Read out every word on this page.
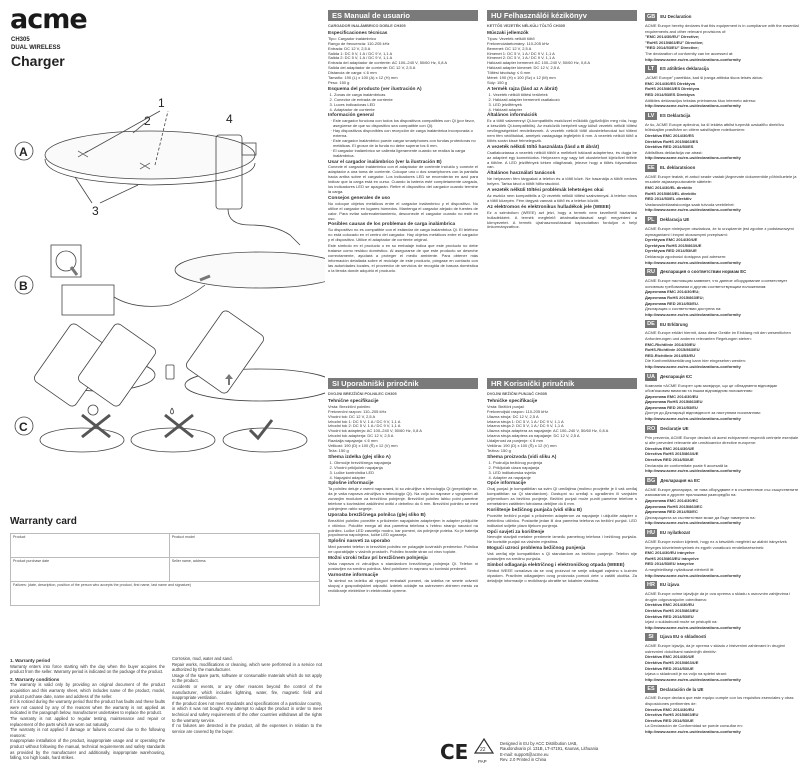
acme
CH305
DUAL WIRELESS
Charger
A
1
2
3
4
B
C
Warranty card
Product	Product model
Product purchase date	Seller name, address
Failures: (date, description, position of the person who accepts the product, first name, last name and signature)	
1. Warranty period

Warranty enters into force starting with the day when the buyer acquires the product from the seller. Warranty period is indicated on the package of the product.

2. Warranty conditions

The warranty is valid only by providing an original document of the product acquisition and this warranty sheet, which includes name of the product, model, product purchase date, name and address of the seller.

If it is noticed during the warranty period that the product has faults and these faults were not caused by any of the reasons when the warranty is not applied as indicated in the paragraph below, manufacturer undertakes to replace the product.

The warranty is not applied to regular testing, maintenance and repair or replacement of the parts which are worn out naturally.

The warranty is not applied if damage or failures occurred due to the following reasons:

Inappropriate installation of the product, inappropriate usage and or operating the product without following the manual, technical requirements and safety standards as provided by the manufacturer and additionally, inappropriate warehousing, falling, too high loads, hard strikes.

Corrosion, mud, water and sand.

Repair works, modifications or cleaning, which were performed in a service not authorized by the manufacturer.

Usage of the spare parts, software or consumable materials which do not apply to the product.

Accidents or events, or any other reasons beyond the control of the manufacturer, which includes lightning, water, fire, magnetic field and inappropriate ventilation.

If the product does not meet standards and specifications of a particular country, in which it was not bought. Any attempt to adapt the product in order to meet technical and safety requirements of the other countries withdraws all the rights to the warranty service.

If no failures are detected in the product, all the expenses in relation to the service are covered by the buyer.

ES Manual de usuario
CARGADOR INALÁMBRICO DOBLE CH305
Especificaciones técnicas
Tipo: Cargador inalámbrico
Rango de frecuencia: 110-205 kHz
Entrada: DC 12 V, 2,5 A
Salida 1: DC 5 V, 1 A / DC 9 V, 1,1 A
Salida 2: DC 5 V, 1 A / DC 9 V, 1,1 A
Entrada del adaptador de corriente: AC 100–240 V, 50/60 Hz, 0,8 A
Salida del adaptador de corriente: DC 12 V, 2,5 A
Distancia de carga: ≤ 6 mm
Tamaño: 190 (L) x 100 (A) x 12 (H) mm
Peso: 150 g
Esquema del producto (ver ilustración A)
1. Zonas de carga inalámbricas
2. Conector de entrada de corriente
3. Luces indicadoras LED
4. Adaptador de corriente
Información general
· Este cargador funciona con todos los dispositivos compatibles con Qi (por favor, asegúrese de que su dispositivo sea compatible con Qi).
· Hay dispositivos disponibles con recepción de carga inalámbrica incorporada o externa.
· Este cargador inalámbrico puede cargar smartphones con fundas protectoras no metálicas. El grosor de la funda no debe superar los 6 mm.
· El cargador inalámbrico se calienta ligeramente cuando se realiza la carga inalámbrica.
Usar el cargador inalámbrico (ver la ilustración B)

Conecte el cargador inalámbrico con el adaptador de corriente incluido y conecte el adaptador a una toma de corriente. Coloque uno o dos smartphones con la pantalla hacia arriba sobre el cargador. Los indicadores LED se encenderán en azul para indicar que la carga está en curso. Cuando la batería esté completamente cargada, los indicadores LED se apagarán. Retire el dispositivo del cargador cuando termine la carga.

Consejos generales de uso

No coloque objetos metálicos entre el cargador inalámbrico y el dispositivo. No utilice el cargador en lugares húmedos. Mantenga el cargador alejado de fuentes de calor. Para evitar sobrecalentamiento, desconecte el cargador cuando no esté en uso.

Posibles causas de los problemas de carga inalámbrica

Su dispositivo no es compatible con el estándar de carga inalámbrica Qi. El teléfono no está colocado en el centro del cargador. Hay objetos metálicos entre el cargador y el dispositivo. Utilice el adaptador de corriente original.

Este símbolo en el producto o en su embalaje indica que este producto no debe tratarse como residuo doméstico. Al asegurarse de que este producto se deseche correctamente, ayudará a proteger el medio ambiente. Para obtener más información detallada sobre el reciclaje de este producto, póngase en contacto con las autoridades locales, el proveedor de servicios de recogida de basura doméstica o la tienda donde adquirió el producto.

SI Uporabniški priročnik
DVOJNI BREZŽIČNI POLNILEC CH305
Tehnične specifikacije
Vrsta: Brezžični polnilec
Frekvenčni razpon: 110–205 kHz
Vhodni tok: DC 12 V, 2,5 A
Izhodni tok 1: DC 5 V, 1 A / DC 9 V, 1,1 A
Izhodni tok 2: DC 5 V, 1 A / DC 9 V, 1,1 A
Vhodni tok adapterja: AC 100–240 V, 50/60 Hz, 0,8 A
Izhodni tok adapterja: DC 12 V, 2,5 A
Razdalja napajanja: ≤ 6 mm
Velikost: 190 (D) x 100 (Š) x 12 (V) mm
Teža: 150 g
Shema izdelka (glej sliko A)
1. Območje brezžičnega napajanja
2. Vhodni priključek napajanja
3. Lučke kontrolnika LED
4. Napajalni adapter
Splošne informacije

Ta polnilec deluje z vsemi napravami, ki so združljive s tehnologijo Qi (prepričajte se, da je vaša naprava združljiva s tehnologijo Qi). Na voljo so naprave z vgrajenim ali zunanjim modulom za brezžično polnjenje. Brezžični polnilec lahko polni pametne telefone s kovinskimi zaščitnimi ovitki z debelino do 6 mm. Brezžični polnilec se med polnjenjem rahlo segreje.

Uporaba brezžičnega polnilca (glej sliko B)

Brezžični polnilec povežite s priloženim napajalnim adapterjem in adapter priključite v vtičnico. Položite enega ali dva pametna telefona s hrbtno stranjo navzdol na polnilec. Lučke LED zasvetijo modro, kar pomeni, da polnjenje poteka. Ko je baterija popolnoma napolnjena, lučke LED ugasnejo.

Splošni nasveti za uporabo

Med pametni telefon in brezžični polnilec ne polagajte kovinskih predmetov. Polnilca ne uporabljajte v vlažnih prostorih. Polnilec hranite stran od virov toplote.

Možni vzroki težav pri brezžičnem polnjenju

Vaša naprava ni združljiva s standardom brezžičnega polnjenja Qi. Telefon ni postavljen na sredino polnilca. Med polnilcem in napravo so kovinski predmeti.

Varnostne informacije

Ta simbol na izdelku ali njegovi embalaži pomeni, da izdelka ne smete odvreči skupaj z gospodinjskimi odpadki. Izdelek oddajte na ustreznem zbirnem mestu za recikliranje električne in elektronske opreme.

HU Felhasználói kézikönyv
KETTŐS VEZETÉK NÉLKÜLI TÖLTŐ CH305
Műszaki jellemzők
Típus: Vezeték nélküli töltő
Frekvenciatartomány: 110-205 kHz
Bemenet: DC 12 V, 2,5 A
Kimenet 1: DC 5 V, 1 A / DC 9 V, 1,1 A
Kimenet 2: DC 5 V, 1 A / DC 9 V, 1,1 A
Hálózati adapter bemenet: AC 100–240 V, 50/60 Hz, 0,8 A
Hálózati adapter kimenet: DC 12 V, 2,5 A
Töltési távolság: ≤ 6 mm
Méret: 190 (H) x 100 (Sz) x 12 (M) mm
Súly: 150 g
A termék rajza (lásd az A ábrát)
1. Vezeték nélküli töltési területek
2. Hálózati adapter bemeneti csatlakozó
3. LED jelzőfények
4. Hálózati adapter
Általános információk

Ez a töltő valamennyi Qi-kompatibilis eszközzel működik (győződjön meg róla, hogy a készülék Qi-kompatibilis). Az eszközök beépített vagy külső vezeték nélküli töltési vevőegységekkel rendelkeznek. A vezeték nélküli töltő okostelefonokat tud tölteni nem fém védőtokkal, amelyek vastagsága legfeljebb 6 mm. A vezeték nélküli töltő a töltés során kissé felmelegszik.

A vezeték nélküli töltő használata (lásd a B ábrát)

Csatlakoztassa a vezeték nélküli töltőt a mellékelt hálózati adapterhez, és dugja be az adaptert egy konnektorba. Helyezzen egy vagy két okostelefont kijelzővel felfelé a töltőre. A LED jelzőfények kéken világítanak, jelezve hogy a töltés folyamatban van.

Általános használati tanácsok

Ne helyezzen fém tárgyakat a telefon és a töltő közé. Ne használja a töltőt nedves helyen. Tartsa távol a töltőt hőforrásoktól.

A vezeték nélküli töltési problémák lehetséges okai

Az eszköz nem kompatibilis a Qi vezeték nélküli töltési szabvánnyal. A telefon nincs a töltő közepén. Fém tárgyak vannak a töltő és a telefon között.

Az elektromos és elektronikus hulladékok jele (WEEE)

Ez a szimbólum (WEEE) azt jelzi, hogy a termék nem kezelhető háztartási hulladékként. A termék megfelelő ártalmatlanításával segít megvédeni a környezetet. A termék újrahasznosításával kapcsolatban forduljon a helyi önkormányzathoz.

HR Korisnički priručnik
DVOJNI BEŽIČNI PUNJAČ CH305
Tehničke specifikacije
Vrsta: Bežični punjač
Frekvencijski raspon: 110-205 kHz
Ulazna struja: DC 12 V, 2,5 A
Izlazna struja 1: DC 5 V, 1 A / DC 9 V, 1,1 A
Izlazna struja 2: DC 5 V, 1 A / DC 9 V, 1,1 A
Ulazna struja adaptera za napajanje: AC 100–240 V, 50/60 Hz, 0,8 A
Izlazna struja adaptera za napajanje: DC 12 V, 2,5 A
Udaljenost za punjenje: ≤ 6 mm
Veličina: 190 (D) x 100 (Š) x 12 (V) mm
Težina: 150 g
Shema proizvoda (vidi sliku A)
1. Područja bežičnog punjenja
2. Priključak ulaza napajanja
3. LED indikatorska svjetla
4. Adapter za napajanje
Opće informacije

Ovaj punjač je kompatibilan sa svim Qi uređajima (molimo provjerite je li vaš uređaj kompatibilan sa Qi standardom). Dostupni su uređaji s ugrađenim ili vanjskim prijemnikom za bežično punjenje. Bežični punjač može puniti pametne telefone s nemetalnim zaštitnim futrolama debljine do 6 mm.

Korištenje bežičnog punjača (vidi sliku B)

Povežite bežični punjač s priloženim adapterom za napajanje i uključite adapter u električnu utičnicu. Postavite jedan ili dva pametna telefona na bežični punjač. LED indikatori svijetle plavo tijekom punjenja.

Opći savjeti za korištenje

Nemojte stavljati metalne predmete između pametnog telefona i bežičnog punjača. Ne koristite punjač na vlažnim mjestima.

Mogući uzroci problema bežičnog punjenja

Vaš uređaj nije kompatibilan s Qi standardom za bežično punjenje. Telefon nije postavljen na sredinu punjača.

Simbol odlaganja električnog i elektroničkog otpada (WEEE)

Simbol WEEE označava da se ovaj proizvod ne smije odlagati zajedno s kućnim otpadom. Pravilnim odlaganjem ovog proizvoda pomoći ćete u zaštiti okoliša. Za detaljnije informacije o recikliranju obratite se lokalnim vlastima.

CE 22
PAP
Designed in EU by ACC Distribution UAB,
Raudondvario pl. 131B, LT-47191, Kaunas, Lithuania
E-mail: support@acme.eu
Rev. 2.0 Printed in China
GB	EU Declaration
ACME Europe hereby declares that this equipement is in compliance with the essential requirements and other relevant provisions of:
"EMC 2014/30/EU" Directive;
"RoHS 2015/863/EU" Directive;
"RED 2014/53/EU" Directive;
The declaration of conformity can be accessed at:
http://www.acme.eu/en-us/declarations-conformity
LT	ES atitikties deklaracija
„ACME Europe" pareiškia, kad ši įranga atitinka šiuos teisės aktus:
EMC 2014/30/ES Direktyva
RoHS 2015/863/ES Direktyva
RED 2014/53/ES Direktyva
Atitikties deklaracijos tekstas prieinamas šiuo interneto adresu:
http://www.acme.eu/en-us/declarations-conformity
LV	ES Deklarācija
Ar šo, ACME Europe apliecina, ka šī iekārta atbilst turpmāk uzskaitīto direktīvu būtiskajām prasībām un citiem saistītajiem noteikumiem:
Direktīva EMC 2014/30/ES
Direktīva RoHS 2015/863/ES
Direktīva RED 2014/53/ES
Atbilstības deklarācija var atrast:
http://www.acme.eu/en-us/declarations-conformity
EE	EL deklaratsioon
ACME Europe teatab, et antud seade vastab järgnevate dokumentide põhinõuetele ja muudele asjassepuutuvatele sätetele:
EMC 2014/30/EL direktiiv
RoHS 2015/863/EL direktiiv
RED 2014/53/EL direktiiv
Vastavusdeklaratsiooniga saab tutvuda veebilehel:
http://www.acme.eu/en-us/declarations-conformity
PL	Deklaracja UE
ACME Europe niniejszym oświadcza, że to urządzenie jest zgodne z podstawowymi wymaganiami i innymi stosownymi przepisami:
Dyrektywa EMC 2014/30/UE
Dyrektywa RoHS 2015/863/UE
Dyrektywa RED 2014/53/UE
Deklaracja zgodności dostępna pod adresem:
http://www.acme.eu/en-us/declarations-conformity
RU	Декларация о соответствии нормам ЕС
ACME Europe настоящим заявляет, что данное оборудование соответствует основным требованиям и другим соответствующим положениям:
Директива EMC 2014/30/EU;
Директива RoHS 2015/863/EU;
Директива RED 2014/53/EU.
Декларация о соответствии доступна на:
http://www.acme.eu/en-us/declarations-conformity
DE	EU Erklärung
ACME Europe erklärt hiermit, dass diese Geräte im Einklang mit den wesentlichen Anforderungen und anderen relevanten Regelungen stehen:
EMC-Richtlinie 2014/30/EU
RoHS-Richtlinie 2015/863/EU
RED-Richtlinie 2014/53/EU
Die Konformitätserklärung kann hier eingesehen werden:
http://www.acme.eu/en-us/declarations-conformity
UA	Декларація ЄС
Компанія «ACME Europe» цим засвідчує, що це обладнання відповідає обов'язковим вимогам та іншим відповідним положенням:
Директива EMC 2014/30/EU
Директива RoHS 2015/863/EU
Директива RED 2014/53/EU
Доступ до Декларації відповідності за наступним посиланням:
http://www.acme.eu/en-us/declarations-conformity
RO	Declarație UE
Prin prezenta, ACME Europe declară că acest echipament respectă cerințele esențiale și alte prevederi relevante ale următoarelor directive europene:
Directiva EMC 2014/30/UE
Directiva RoHS 2015/863/UE
Directiva RED 2014/53/UE
Declarația de conformitate poate fi accesată la:
http://www.acme.eu/en-us/declarations-conformity
BG	Декларация на ЕС
ACME Europe декларира, че това оборудване е в съответствие със съществените изисквания и другите приложими разпоредби на:
Директива EMC 2014/30/ЕС
Директива RoHS 2015/863/ЕС
Директива RED 2014/53/ЕС
Декларацията за съответствие може да бъде намерена на:
http://www.acme.eu/en-us/declarations-conformity
HU	EU nyilatkozat
ACME Europe ezúton kijelenti, hogy ez a készülék megfelel az alábbi irányelvek lényeges követelményeinek és egyéb vonatkozó rendelkezéseinek:
EMC 2014/30/EU irányelve
RoHS 2015/863/EU irányelve
RED 2014/53/EU irányelve
A megfelelőségi nyilatkozat elérhető itt:
http://www.acme.eu/en-us/declarations-conformity
HR	EU izjava
ACME Europe ovime izjavljuje da je ova oprema u skladu s osnovnim zahtjevima i drugim odgovarajućim odredbama:
Direktiva EMC 2014/30/EU
Direktiva RoHS 2015/863/EU
Direktiva RED 2014/53/EU
Izjavi o sukladnosti može se pristupiti na:
http://www.acme.eu/en-us/declarations-conformity
SI	Izjava EU o skladnosti
ACME Europe izjavlja, da je oprema v skladu z bistvenimi zahtevami in drugimi ustreznimi določbami naslednjih direktiv:
Direktiva EMC 2014/30/UE
Direktiva RoHS 2015/863/UE
Direktiva RED 2014/53/UE
Izjava o skladnosti je na voljo na spletni strani:
http://www.acme.eu/en-us/declarations-conformity
ES	Declaración de la UE
ACME Europe declara que este equipo cumple con los requisitos esenciales y otras disposiciones pertinentes de:
Directiva EMC 2014/30/EU
Directiva RoHS 2015/863/EU
Directiva RED 2014/53/UE
La Declaración de Conformidad se puede consultar en:
http://www.acme.eu/en-us/declarations-conformity
